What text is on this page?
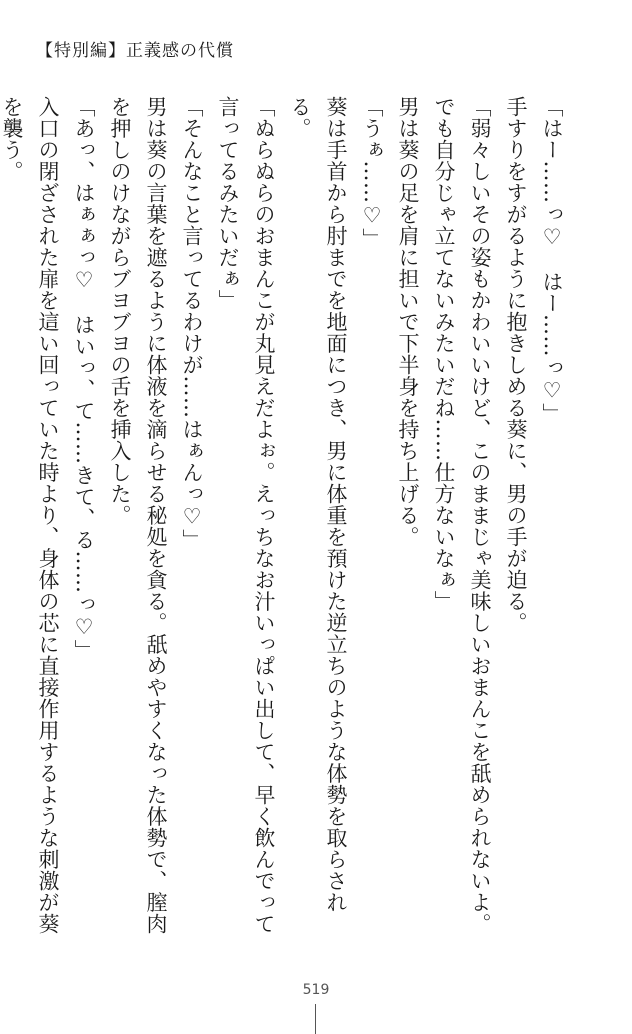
【特別編】正義感の代償

「はー……っ♡　はー……っ♡」

手すりをすがるように抱きしめる葵に、男の手が迫る。

「弱々しいその姿もかわいいけど、このままじゃ美味しいおまんこを舐められないよ。でも自分じゃ立てないみたいだね……仕方ないなぁ」

男は葵の足を肩に担いで下半身を持ち上げる。

「うぁ……♡」

葵は手首から肘までを地面につき、男に体重を預けた逆立ちのような体勢を取らされる。

「ぬらぬらのおまんこが丸見えだよぉ。えっちなお汁いっぱい出して、早く飲んでって言ってるみたいだぁ」

「そんなこと言ってるわけが……はぁんっ♡」

男は葵の言葉を遮るように体液を滴らせる秘処を貪る。舐めやすくなった体勢で、膣肉を押しのけながらブヨブヨの舌を挿入した。

「あっ、はぁぁっ♡　はいっ、て……きて、る……っ♡」

入口の閉ざされた扉を這い回っていた時より、身体の芯に直接作用するような刺激が葵を襲う。

519
